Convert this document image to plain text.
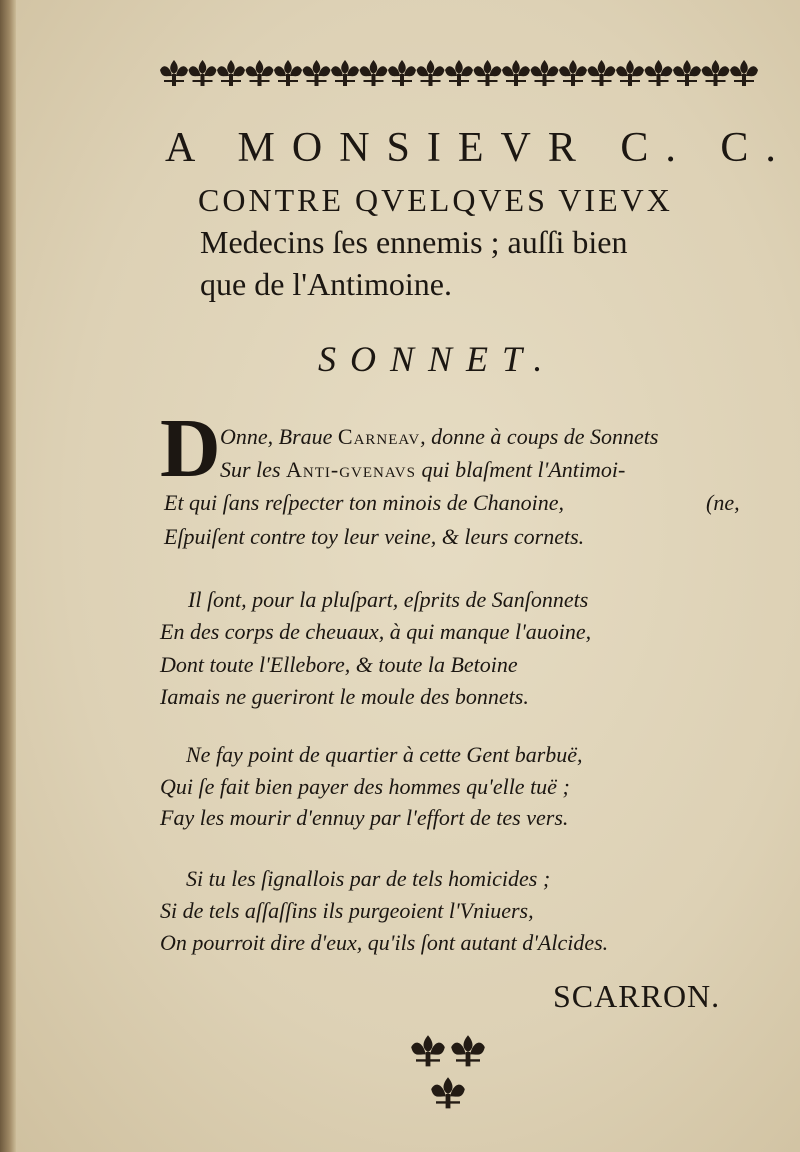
A MONSIEVR C. C.
CONTRE QVELQVES VIEVX
Medecins ſes ennemis ; auſſi bien
que de l'Antimoine.
SONNET.
D Onne, Braue Carneav, donne à coups de Sonnets
Sur les Anti-gvenavs qui blaſment l'Antimoi-
Et qui ſans reſpecter ton minois de Chanoine,	(ne,
Eſpuiſent contre toy leur veine, & leurs cornets.
Il ſont, pour la pluſpart, eſprits de Sanſonnets
En des corps de cheuaux, à qui manque l'auoine,
Dont toute l'Ellebore, & toute la Betoine
Iamais ne gueriront le moule des bonnets.
Ne fay point de quartier à cette Gent barbuë,
Qui ſe fait bien payer des hommes qu'elle tuë ;
Fay les mourir d'ennuy par l'effort de tes vers.
Si tu les ſignallois par de tels homicides ;
Si de tels aſſaſſins ils purgeoient l'Vniuers,
On pourroit dire d'eux, qu'ils ſont autant d'Alcides.
SCARRON.
